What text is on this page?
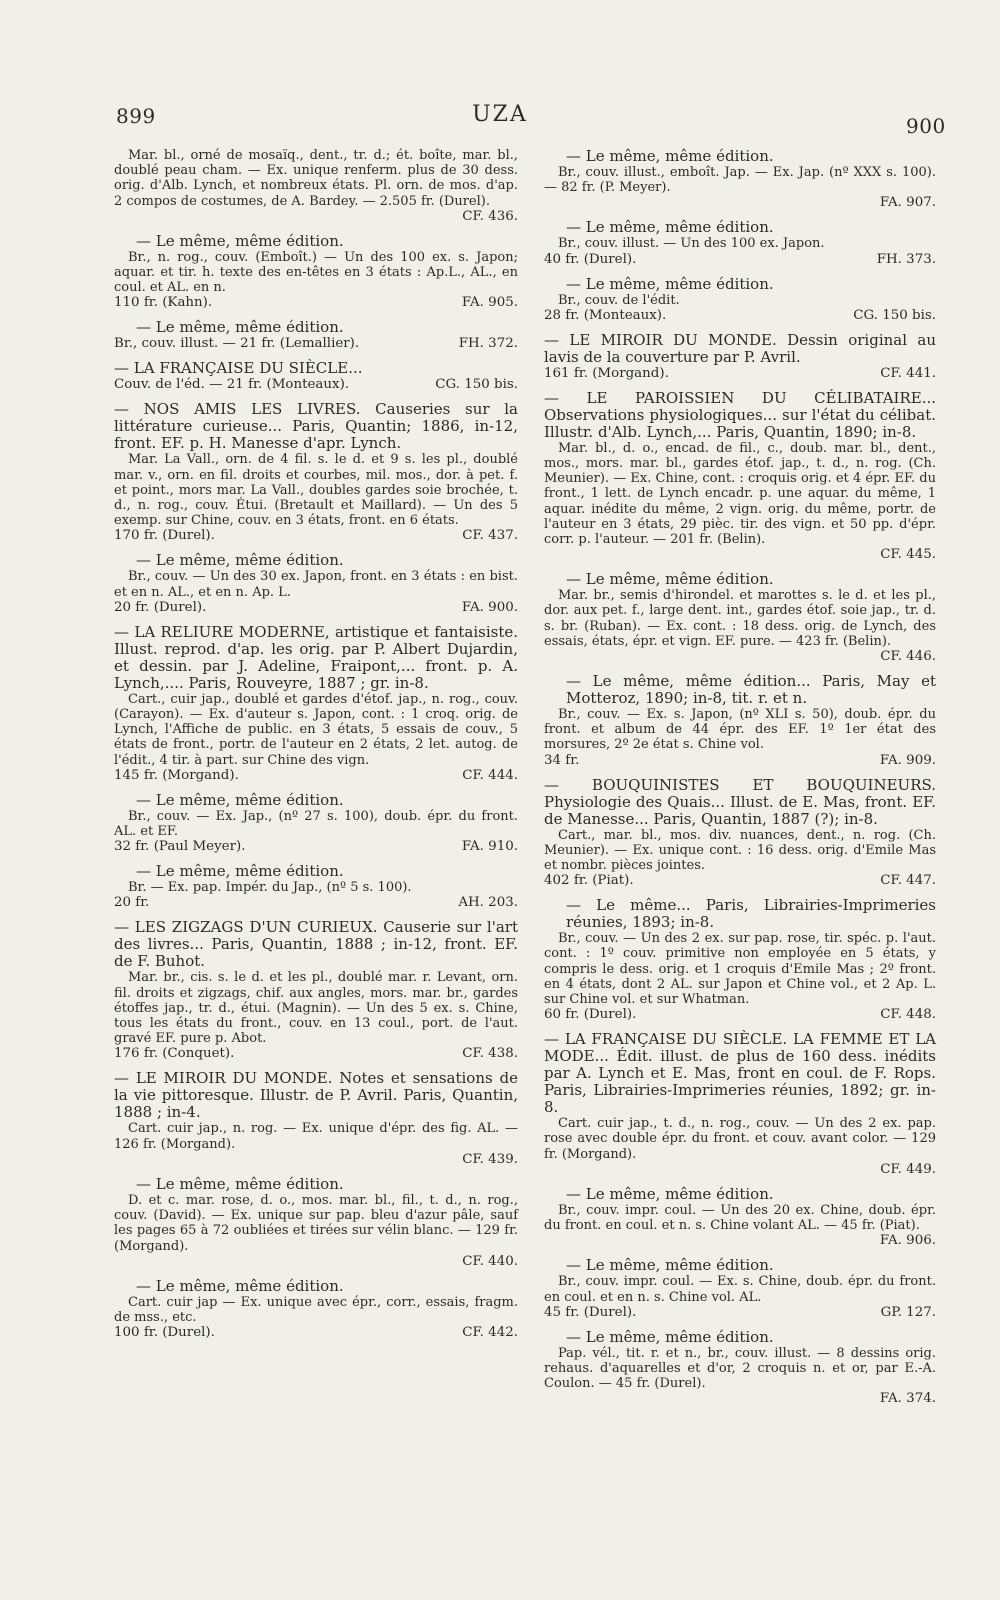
899	UZA	900

Mar. bl., orné de mosaïq., dent., tr. d.; ét. boîte, mar. bl., doublé peau cham. — Ex. unique renferm. plus de 30 dess. orig. d'Alb. Lynch, et nombreux états. Pl. orn. de mos. d'ap. 2 compos de costumes, de A. Bardey. — 2.505 fr. (Durel).

CF. 436.

— Le même, même édition.

Br., n. rog., couv. (Emboît.) — Un des 100 ex. s. Japon; aquar. et tir. h. texte des en-têtes en 3 états : Ap.L., AL., en coul. et AL. en n.

110 fr. (Kahn).	FA. 905.

— Le même, même édition.

Br., couv. illust. — 21 fr. (Lemallier).	FH. 372.

— LA FRANÇAISE DU SIÈCLE...

Couv. de l'éd. — 21 fr. (Monteaux).	CG. 150 bis.

— NOS AMIS LES LIVRES. Causeries sur la littérature curieuse... Paris, Quantin; 1886, in-12, front. EF. p. H. Manesse d'apr. Lynch.

Mar. La Vall., orn. de 4 fil. s. le d. et 9 s. les pl., doublé mar. v., orn. en fil. droits et courbes, mil. mos., dor. à pet. f. et point., mors mar. La Vall., doubles gardes soie brochée, t. d., n. rog., couv. Étui. (Bretault et Maillard). — Un des 5 exemp. sur Chine, couv. en 3 états, front. en 6 états.

170 fr. (Durel).	CF. 437.

— Le même, même édition.

Br., couv. — Un des 30 ex. Japon, front. en 3 états : en bist. et en n. AL., et en n. Ap. L.

20 fr. (Durel).	FA. 900.

— LA RELIURE MODERNE, artistique et fantaisiste. Illust. reprod. d'ap. les orig. par P. Albert Dujardin, et dessin. par J. Adeline, Fraipont,... front. p. A. Lynch,.... Paris, Rouveyre, 1887 ; gr. in-8.

Cart., cuir jap., doublé et gardes d'étof. jap., n. rog., couv. (Carayon). — Ex. d'auteur s. Japon, cont. : 1 croq. orig. de Lynch, l'Affiche de public. en 3 états, 5 essais de couv., 5 états de front., portr. de l'auteur en 2 états, 2 let. autog. de l'édit., 4 tir. à part. sur Chine des vign.

145 fr. (Morgand).	CF. 444.

— Le même, même édition.

Br., couv. — Ex. Jap., (nº 27 s. 100), doub. épr. du front. AL. et EF.

32 fr. (Paul Meyer).	FA. 910.

— Le même, même édition.

Br. — Ex. pap. Impér. du Jap., (nº 5 s. 100).

20 fr.	AH. 203.

— LES ZIGZAGS D'UN CURIEUX. Causerie sur l'art des livres... Paris, Quantin, 1888 ; in-12, front. EF. de F. Buhot.

Mar. br., cis. s. le d. et les pl., doublé mar. r. Levant, orn. fil. droits et zigzags, chif. aux angles, mors. mar. br., gardes étoffes jap., tr. d., étui. (Magnin). — Un des 5 ex. s. Chine, tous les états du front., couv. en 13 coul., port. de l'aut. gravé EF. pure p. Abot.

176 fr. (Conquet).	CF. 438.

— LE MIROIR DU MONDE. Notes et sensations de la vie pittoresque. Illustr. de P. Avril. Paris, Quantin, 1888 ; in-4.

Cart. cuir jap., n. rog. — Ex. unique d'épr. des fig. AL. — 126 fr. (Morgand).

CF. 439.

— Le même, même édition.

D. et c. mar. rose, d. o., mos. mar. bl., fil., t. d., n. rog., couv. (David). — Ex. unique sur pap. bleu d'azur pâle, sauf les pages 65 à 72 oubliées et tirées sur vélin blanc. — 129 fr. (Morgand).

CF. 440.

— Le même, même édition.

Cart. cuir jap — Ex. unique avec épr., corr., essais, fragm. de mss., etc.

100 fr. (Durel).	CF. 442.

— Le même, même édition.

Br., couv. illust., emboît. Jap. — Ex. Jap. (nº XXX s. 100). — 82 fr. (P. Meyer).

FA. 907.

— Le même, même édition.

Br., couv. illust. — Un des 100 ex. Japon.

40 fr. (Durel).	FH. 373.

— Le même, même édition.

Br., couv. de l'édit.

28 fr. (Monteaux).	CG. 150 bis.

— LE MIROIR DU MONDE. Dessin original au lavis de la couverture par P. Avril.

161 fr. (Morgand).	CF. 441.

— LE PAROISSIEN DU CÉLIBATAIRE... Observations physiologiques... sur l'état du célibat. Illustr. d'Alb. Lynch,... Paris, Quantin, 1890; in-8.

Mar. bl., d. o., encad. de fil., c., doub. mar. bl., dent., mos., mors. mar. bl., gardes étof. jap., t. d., n. rog. (Ch. Meunier). — Ex. Chine, cont. : croquis orig. et 4 épr. EF. du front., 1 lett. de Lynch encadr. p. une aquar. du même, 1 aquar. inédite du même, 2 vign. orig. du même, portr. de l'auteur en 3 états, 29 pièc. tir. des vign. et 50 pp. d'épr. corr. p. l'auteur. — 201 fr. (Belin).

CF. 445.

— Le même, même édition.

Mar. br., semis d'hirondel. et marottes s. le d. et les pl., dor. aux pet. f., large dent. int., gardes étof. soie jap., tr. d. s. br. (Ruban). — Ex. cont. : 18 dess. orig. de Lynch, des essais, états, épr. et vign. EF. pure. — 423 fr. (Belin).

CF. 446.

— Le même, même édition... Paris, May et Motteroz, 1890; in-8, tit. r. et n.

Br., couv. — Ex. s. Japon, (nº XLI s. 50), doub. épr. du front. et album de 44 épr. des EF. 1º 1er état des morsures, 2º 2e état s. Chine vol.

34 fr.	FA. 909.

— BOUQUINISTES ET BOUQUINEURS. Physiologie des Quais... Illust. de E. Mas, front. EF. de Manesse... Paris, Quantin, 1887 (?); in-8.

Cart., mar. bl., mos. div. nuances, dent., n. rog. (Ch. Meunier). — Ex. unique cont. : 16 dess. orig. d'Emile Mas et nombr. pièces jointes.

402 fr. (Piat).	CF. 447.

— Le même... Paris, Librairies-Imprimeries réunies, 1893; in-8.

Br., couv. — Un des 2 ex. sur pap. rose, tir. spéc. p. l'aut. cont. : 1º couv. primitive non employée en 5 états, y compris le dess. orig. et 1 croquis d'Emile Mas ; 2º front. en 4 états, dont 2 AL. sur Japon et Chine vol., et 2 Ap. L. sur Chine vol. et sur Whatman.

60 fr. (Durel).	CF. 448.

— LA FRANÇAISE DU SIÈCLE. LA FEMME ET LA MODE... Édit. illust. de plus de 160 dess. inédits par A. Lynch et E. Mas, front en coul. de F. Rops. Paris, Librairies-Imprimeries réunies, 1892; gr. in-8.

Cart. cuir jap., t. d., n. rog., couv. — Un des 2 ex. pap. rose avec double épr. du front. et couv. avant color. — 129 fr. (Morgand).

CF. 449.

— Le même, même édition.

Br., couv. impr. coul. — Un des 20 ex. Chine, doub. épr. du front. en coul. et n. s. Chine volant AL. — 45 fr. (Piat).

FA. 906.

— Le même, même édition.

Br., couv. impr. coul. — Ex. s. Chine, doub. épr. du front. en coul. et en n. s. Chine vol. AL.

45 fr. (Durel).	GP. 127.

— Le même, même édition.

Pap. vél., tit. r. et n., br., couv. illust. — 8 dessins orig. rehaus. d'aquarelles et d'or, 2 croquis n. et or, par E.-A. Coulon. — 45 fr. (Durel).

FA. 374.
